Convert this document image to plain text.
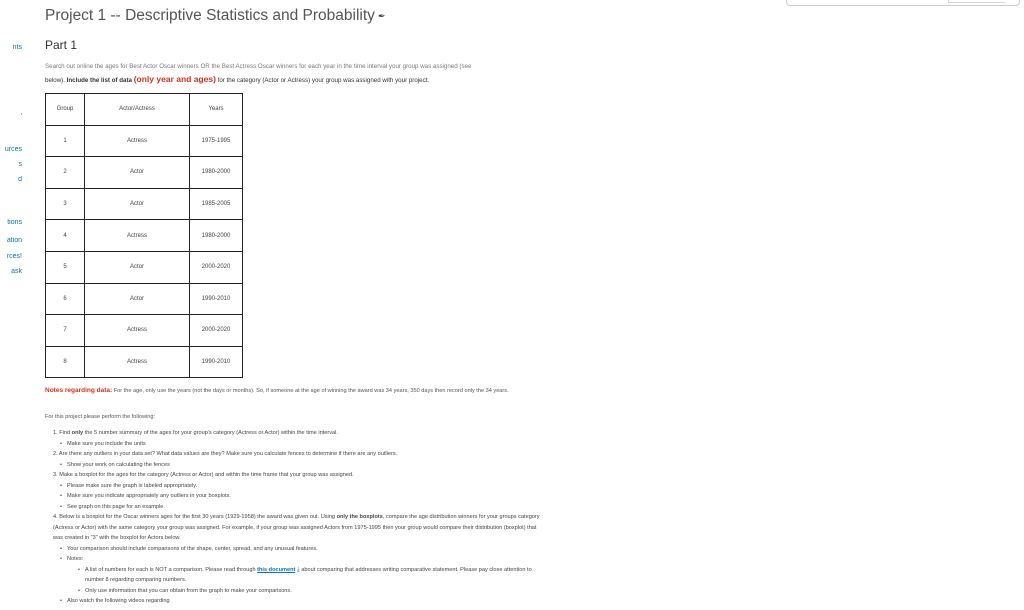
nts
'
urces
s
d
tions
ation
rces!
ask
Project 1 -- Descriptive Statistics and Probability ✒
Part 1
Search out online the ages for Best Actor Oscar winners OR the Best Actress Oscar winners for each year in the time interval your group was assigned (see
below). Include the list of data (only year and ages) for the category (Actor or Actress) your group was assigned with your project.
Group	Actor/Actress	Years
1	Actress	1975-1995
2	Actor	1980-2000
3	Actor	1985-2005
4	Actress	1980-2000
5	Actor	2000-2020
6	Actor	1990-2010
7	Actress	2000-2020
8	Actress	1990-2010
Notes regarding data: For the age, only use the years (not the days or months). So, if someone at the age of winning the award was 34 years, 350 days then record only the 34 years.
For this project please perform the following:
1. Find only the 5 number summary of the ages for your group's category (Actress or Actor) within the time interval.
• Make sure you include the units
2. Are there any outliers in your data set? What data values are they? Make sure you calculate fences to determine if there are any outliers.
• Show your work on calculating the fences
3. Make a boxplot for the ages for the category (Actress or Actor) and within the time frame that your group was assigned.
• Please make sure the graph is labeled appropriately.
• Make sure you indicate appropriately any outliers in your boxplots.
• See graph on this page for an example.
4. Below is a boxplot for the Oscar winners ages for the first 30 years (1929-1958) the award was given out. Using only the boxplots, compare the age distribution winners for your groups category (Actress or Actor) with the same category your group was assigned. For example, if your group was assigned Actors from 1975-1995 then your group would compare their distribution (boxplot) that was created in "3" with the boxplot for Actors below.
• Your comparison should include comparisons of the shape, center, spread, and any unusual features.
• Notes:
• A list of numbers for each is NOT a comparison. Please read through this document ⤓ about comparing that addresses writing comparative statement. Please pay close attention to number 8 regarding comparing numbers.
• Only use information that you can obtain from the graph to make your comparisons.
• Also watch the following videos regarding
